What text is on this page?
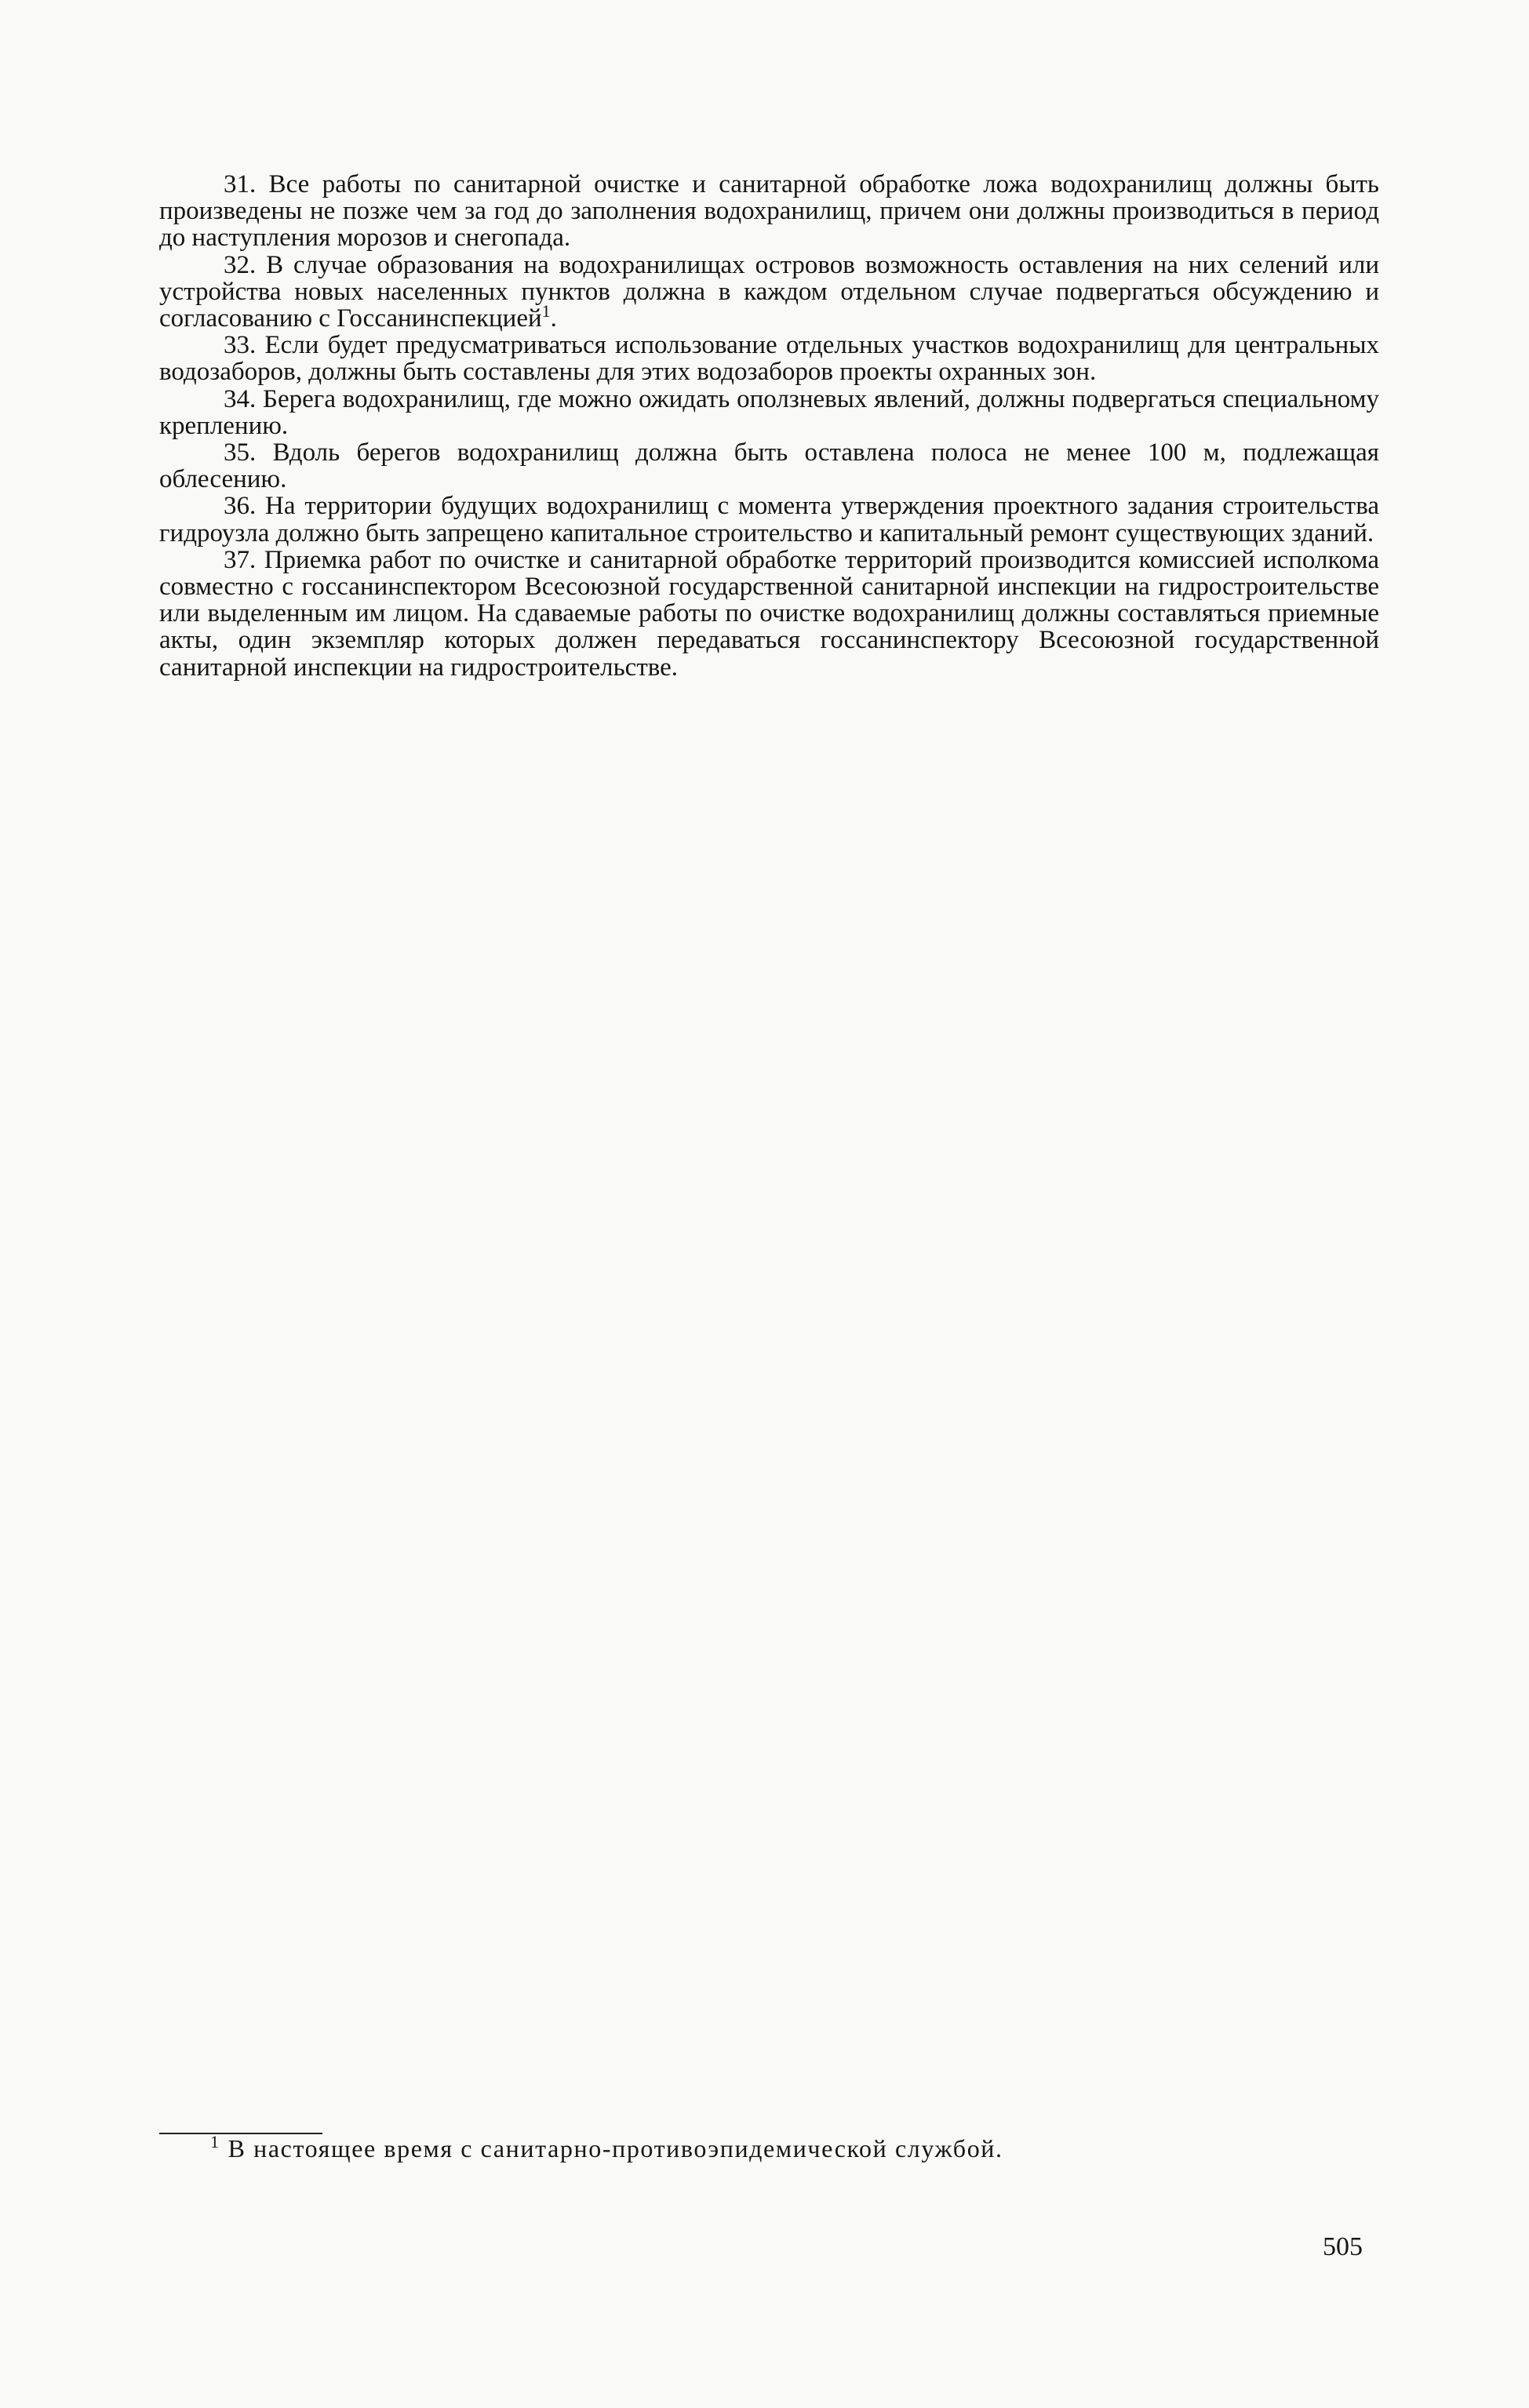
31. Все работы по санитарной очистке и санитарной обработке ложа водохранилищ должны быть произведены не позже чем за год до заполнения водохранилищ, причем они должны производиться в период до наступления морозов и снегопада.

32. В случае образования на водохранилищах островов возможность оставления на них селений или устройства новых населенных пунктов должна в каждом отдельном случае подвергаться обсуждению и согласованию с Госсанинспекцией$^1$.

33. Если будет предусматриваться использование отдельных участков водохранилищ для центральных водозаборов, должны быть составлены для этих водозаборов проекты охранных зон.

34. Берега водохранилищ, где можно ожидать оползневых явлений, должны подвергаться специальному креплению.

35. Вдоль берегов водохранилищ должна быть оставлена полоса не менее 100 м, подлежащая облесению.

36. На территории будущих водохранилищ с момента утверждения проектного задания строительства гидроузла должно быть запрещено капитальное строительство и капитальный ремонт существующих зданий.

37. Приемка работ по очистке и санитарной обработке территорий производится комиссией исполкома совместно с госсанинспектором Всесоюзной государственной санитарной инспекции на гидростроительстве или выделенным им лицом. На сдаваемые работы по очистке водохранилищ должны составляться приемные акты, один экземпляр которых должен передаваться госсанинспектору Всесоюзной государственной санитарной инспекции на гидростроительстве.

$^1$ В настоящее время с санитарно-противоэпидемической службой.
505
